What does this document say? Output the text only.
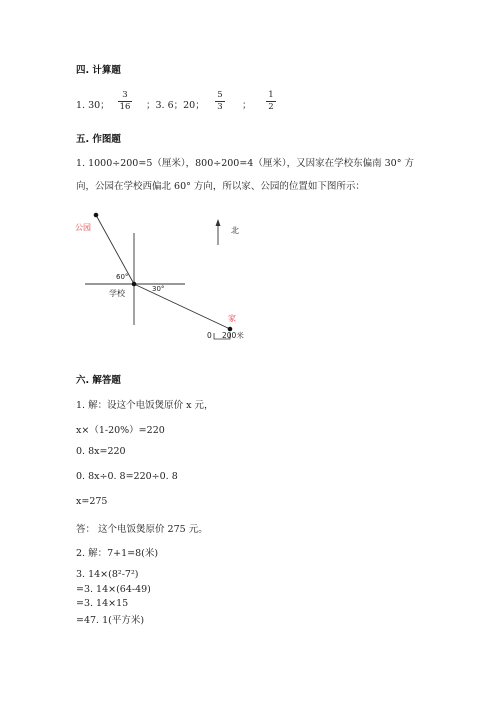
四. 计算题
1. 30；
3
16 ；3. 6；20；
5
3 ；
1
2
五. 作图题
1. 1000÷200=5（厘米），800÷200=4（厘米），又因家在学校东偏南 30° 方
向，公园在学校西偏北 60° 方向，所以家、公园的位置如下图所示：
北
60°
30°
公园
学校
家
0 200米
六. 解答题
1. 解：设这个电饭煲原价 x 元，
x×（1-20%）=220
0. 8x=220
0. 8x÷0. 8=220÷0. 8
x=275
答： 这个电饭煲原价 275 元。
2. 解：7+1=8(米)
3. 14×(8²-7²)
=3. 14×(64-49)
=3. 14×15
=47. 1(平方米)
